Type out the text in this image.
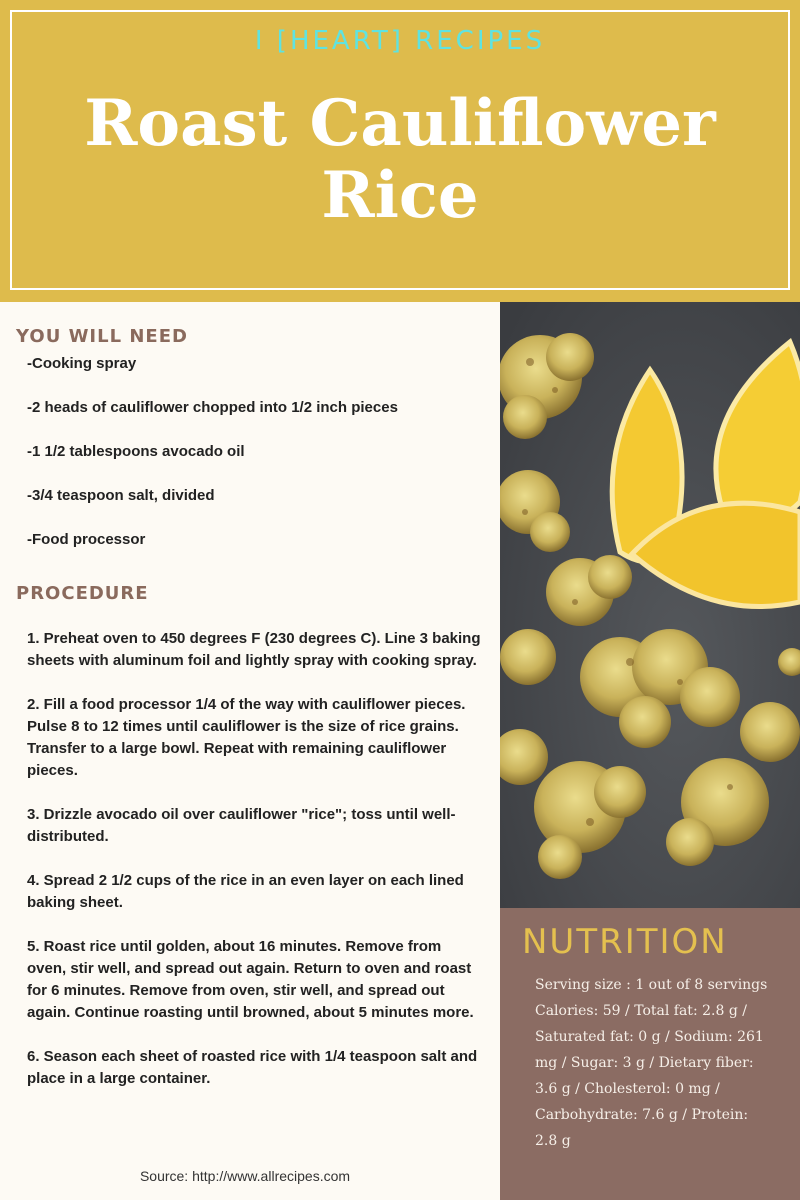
I [HEART] RECIPES
Roast Cauliflower
Rice
YOU WILL NEED
-Cooking spray
-2 heads of cauliflower chopped into 1/2 inch pieces
-1 1/2 tablespoons avocado oil
-3/4 teaspoon salt, divided
-Food processor
PROCEDURE
1. Preheat oven to 450 degrees F (230 degrees C). Line 3 baking sheets with aluminum foil and lightly spray with cooking spray.
2. Fill a food processor 1/4 of the way with cauliflower pieces. Pulse 8 to 12 times until cauliflower is the size of rice grains. Transfer to a large bowl. Repeat with remaining cauliflower pieces.
3. Drizzle avocado oil over cauliflower "rice"; toss until well-distributed.
4. Spread 2 1/2 cups of the rice in an even layer on each lined baking sheet.
5. Roast rice until golden, about 16 minutes. Remove from oven, stir well, and spread out again. Return to oven and roast for 6 minutes. Remove from oven, stir well, and spread out again. Continue roasting until browned, about 5 minutes more.
6. Season each sheet of roasted rice with 1/4 teaspoon salt and place in a large container.
Source: http://www.allrecipes.com
NUTRITION
Serving size : 1 out of 8 servings Calories: 59 / Total fat: 2.8 g / Saturated fat: 0 g / Sodium: 261 mg / Sugar: 3 g / Dietary fiber: 3.6 g / Cholesterol: 0 mg / Carbohydrate: 7.6 g / Protein: 2.8 g
